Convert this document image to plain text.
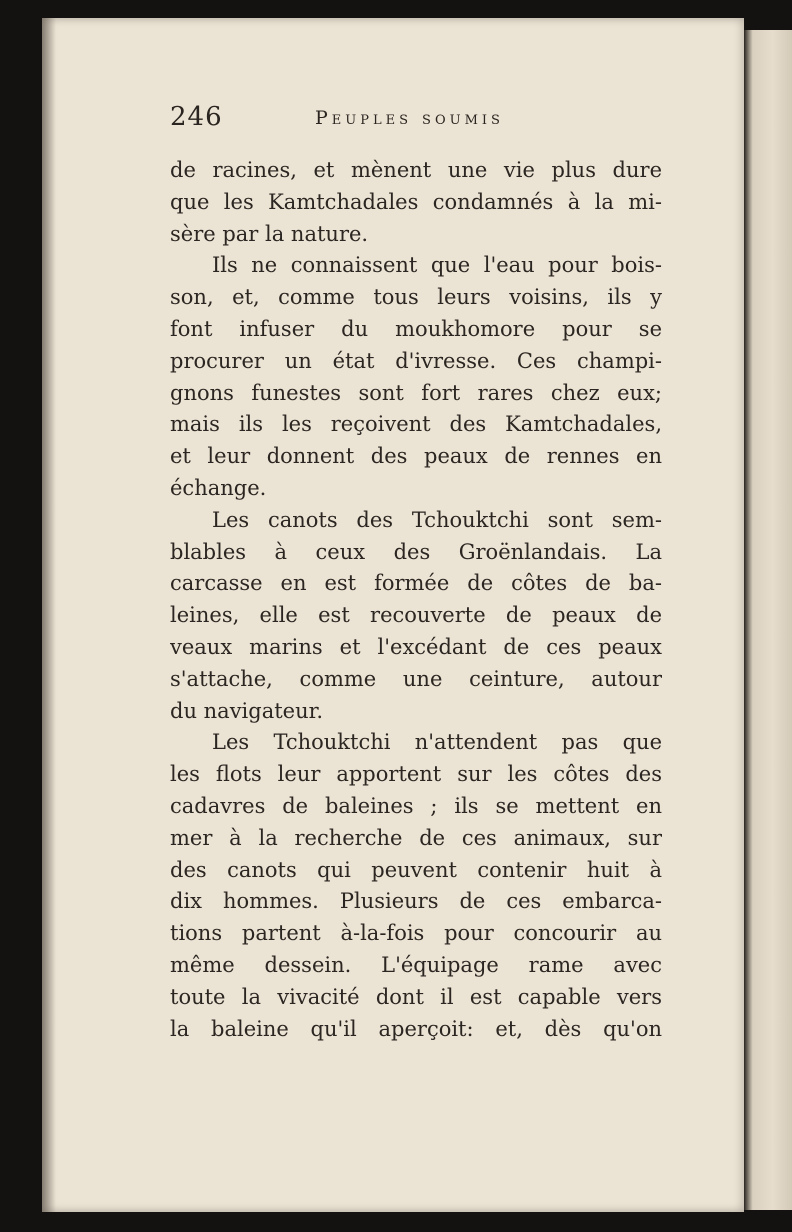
246	Peuples soumis
de racines, et mènent une vie plus dure
que les Kamtchadales condamnés à la mi-
sère par la nature.
Ils ne connaissent que l'eau pour bois-
son, et, comme tous leurs voisins, ils y
font infuser du moukhomore pour se
procurer un état d'ivresse. Ces champi-
gnons funestes sont fort rares chez eux;
mais ils les reçoivent des Kamtchadales,
et leur donnent des peaux de rennes en
échange.
Les canots des Tchouktchi sont sem-
blables à ceux des Groënlandais. La
carcasse en est formée de côtes de ba-
leines, elle est recouverte de peaux de
veaux marins et l'excédant de ces peaux
s'attache, comme une ceinture, autour
du navigateur.
Les Tchouktchi n'attendent pas que
les flots leur apportent sur les côtes des
cadavres de baleines ; ils se mettent en
mer à la recherche de ces animaux, sur
des canots qui peuvent contenir huit à
dix hommes. Plusieurs de ces embarca-
tions partent à-la-fois pour concourir au
même dessein. L'équipage rame avec
toute la vivacité dont il est capable vers
la baleine qu'il aperçoit: et, dès qu'on
